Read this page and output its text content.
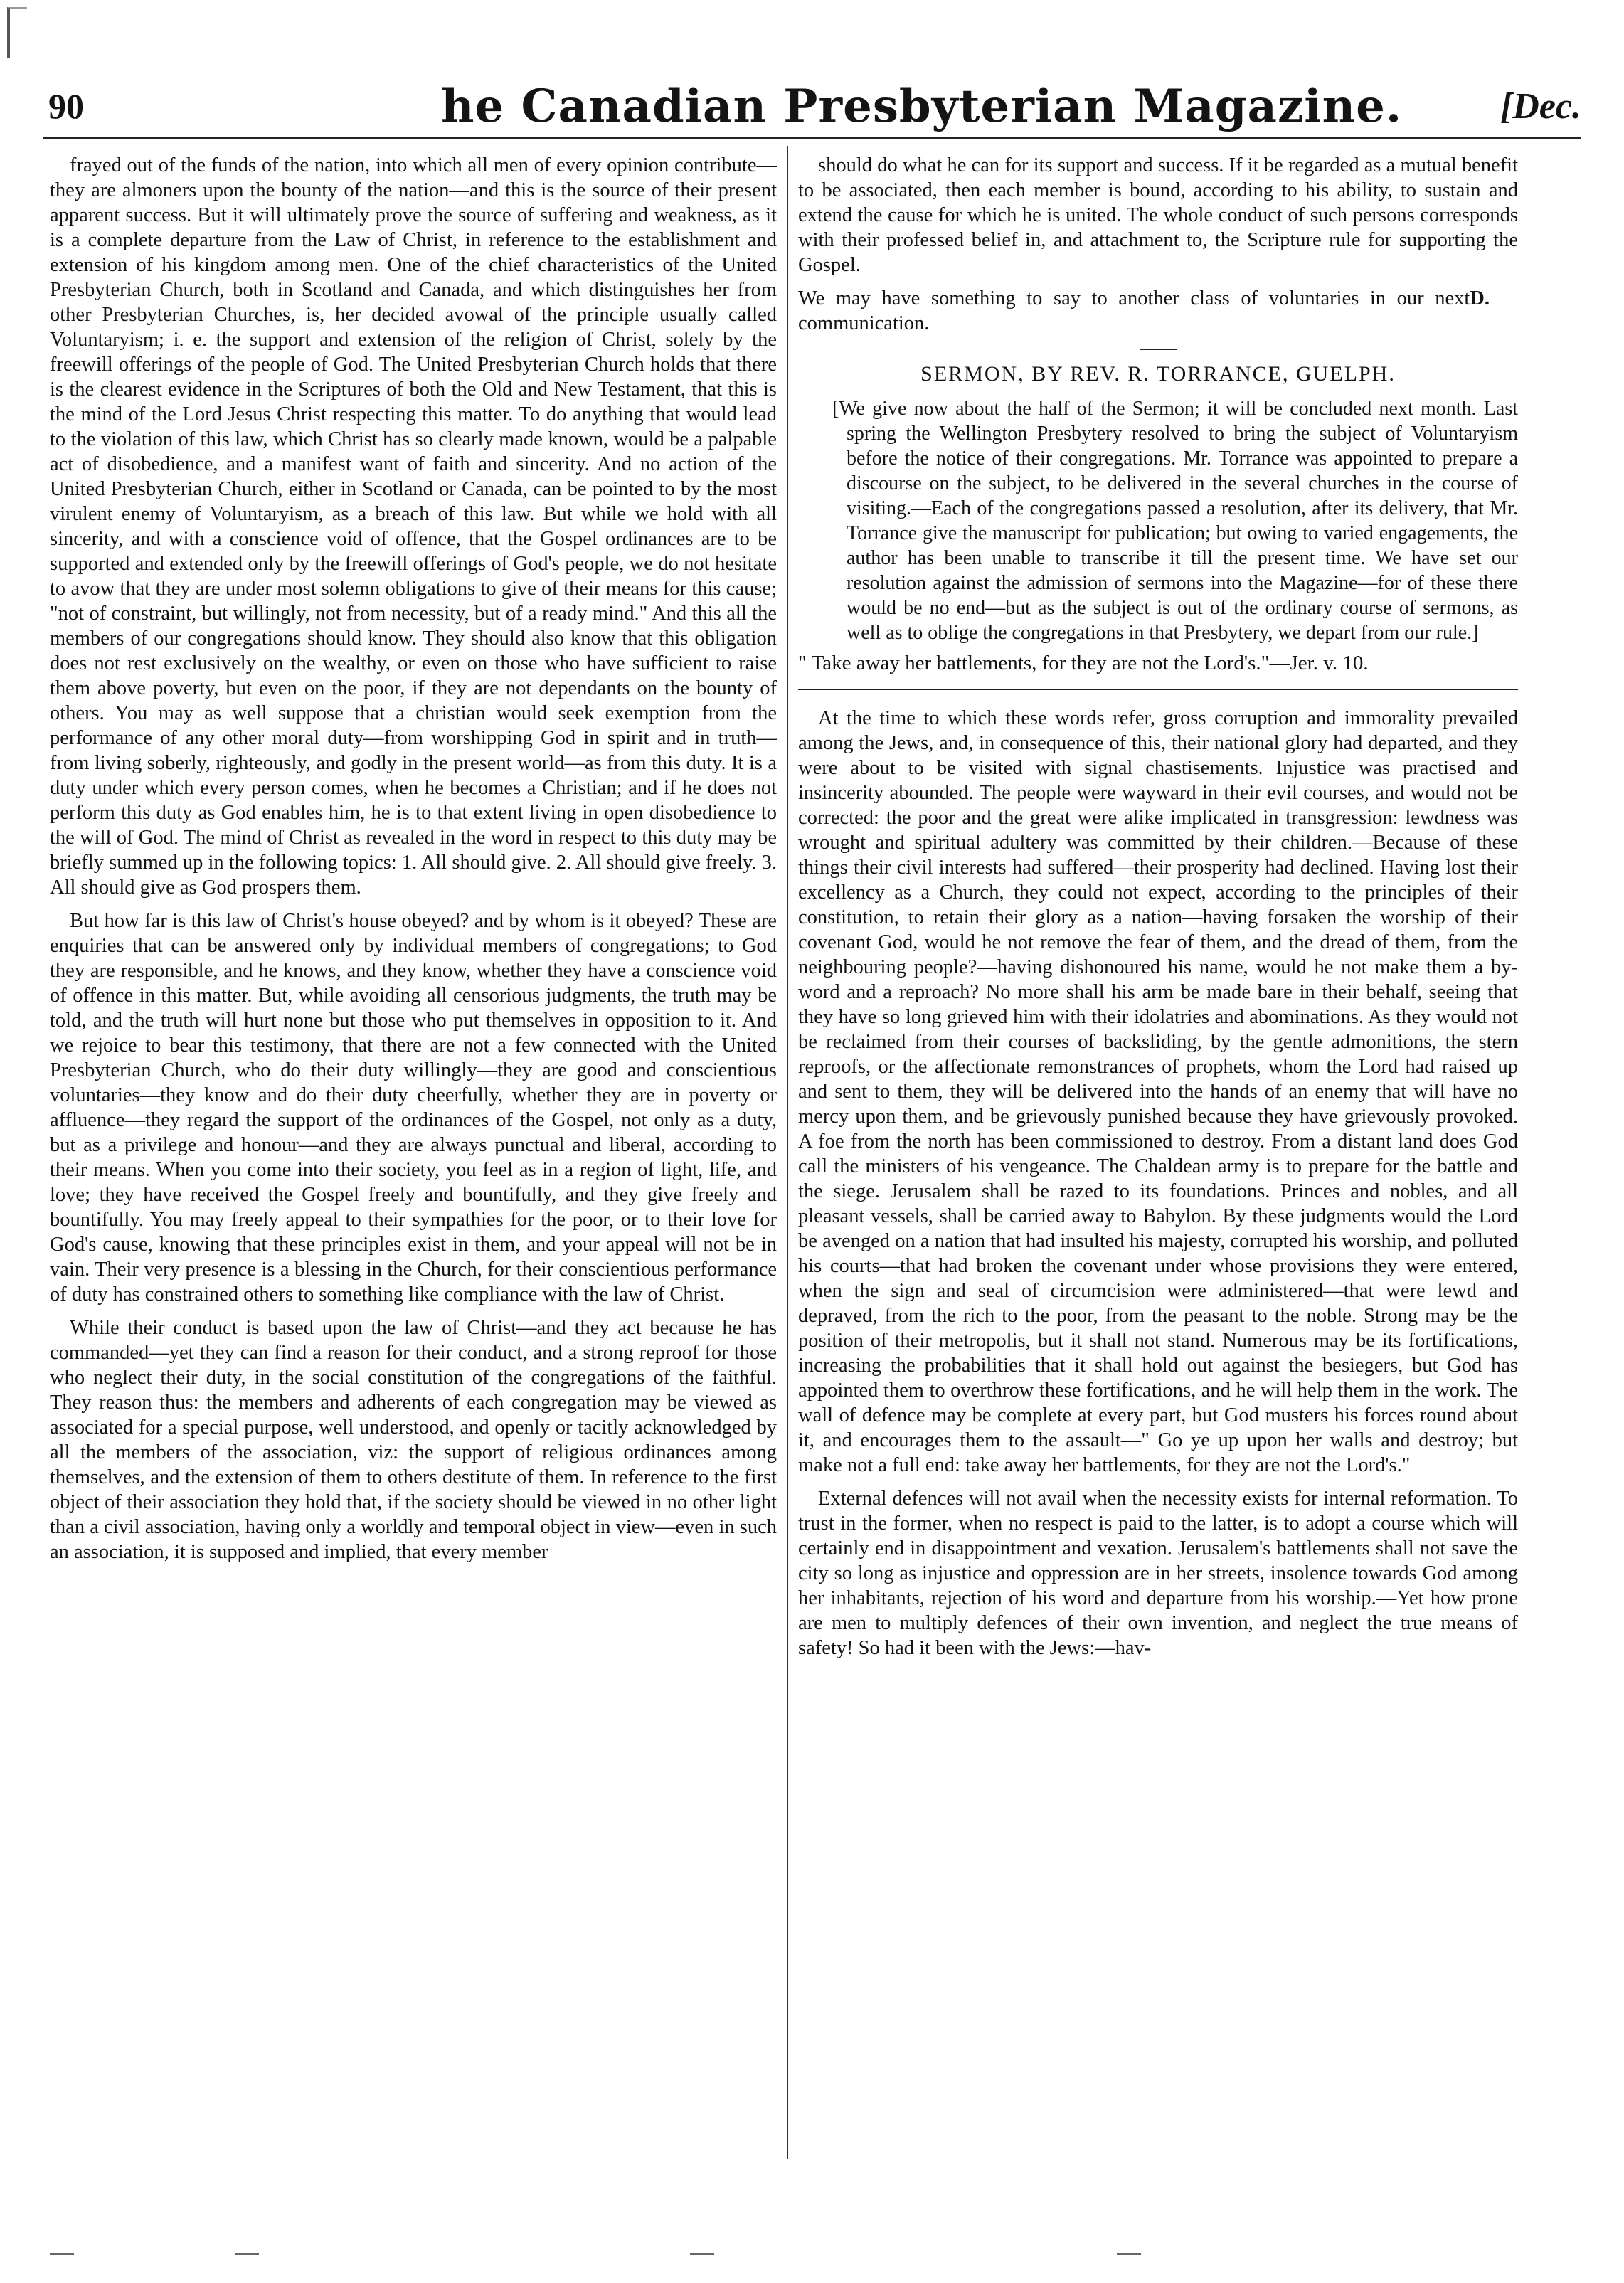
90	he Canadian Presbyterian Magazine.	[Dec.

frayed out of the funds of the nation, into which all men of every opinion contribute—they are almoners upon the bounty of the nation—and this is the source of their present apparent success. But it will ultimately prove the source of suffering and weakness, as it is a complete departure from the Law of Christ, in reference to the establishment and extension of his kingdom among men. One of the chief characteristics of the United Presbyterian Church, both in Scotland and Canada, and which distinguishes her from other Presbyterian Churches, is, her decided avowal of the principle usually called Voluntaryism; i. e. the support and extension of the religion of Christ, solely by the freewill offerings of the people of God. The United Presbyterian Church holds that there is the clearest evidence in the Scriptures of both the Old and New Testament, that this is the mind of the Lord Jesus Christ respecting this matter. To do anything that would lead to the violation of this law, which Christ has so clearly made known, would be a palpable act of disobedience, and a manifest want of faith and sincerity. And no action of the United Presbyterian Church, either in Scotland or Canada, can be pointed to by the most virulent enemy of Voluntaryism, as a breach of this law. But while we hold with all sincerity, and with a conscience void of offence, that the Gospel ordinances are to be supported and extended only by the freewill offerings of God's people, we do not hesitate to avow that they are under most solemn obligations to give of their means for this cause; "not of constraint, but willingly, not from necessity, but of a ready mind." And this all the members of our congregations should know. They should also know that this obligation does not rest exclusively on the wealthy, or even on those who have sufficient to raise them above poverty, but even on the poor, if they are not dependants on the bounty of others. You may as well suppose that a christian would seek exemption from the performance of any other moral duty—from worshipping God in spirit and in truth—from living soberly, righteously, and godly in the present world—as from this duty. It is a duty under which every person comes, when he becomes a Christian; and if he does not perform this duty as God enables him, he is to that extent living in open disobedience to the will of God. The mind of Christ as revealed in the word in respect to this duty may be briefly summed up in the following topics: 1. All should give. 2. All should give freely. 3. All should give as God prospers them.

But how far is this law of Christ's house obeyed? and by whom is it obeyed? These are enquiries that can be answered only by individual members of congregations; to God they are responsible, and he knows, and they know, whether they have a conscience void of offence in this matter. But, while avoiding all censorious judgments, the truth may be told, and the truth will hurt none but those who put themselves in opposition to it. And we rejoice to bear this testimony, that there are not a few connected with the United Presbyterian Church, who do their duty willingly—they are good and conscientious voluntaries—they know and do their duty cheerfully, whether they are in poverty or affluence—they regard the support of the ordinances of the Gospel, not only as a duty, but as a privilege and honour—and they are always punctual and liberal, according to their means. When you come into their society, you feel as in a region of light, life, and love; they have received the Gospel freely and bountifully, and they give freely and bountifully. You may freely appeal to their sympathies for the poor, or to their love for God's cause, knowing that these principles exist in them, and your appeal will not be in vain. Their very presence is a blessing in the Church, for their conscientious performance of duty has constrained others to something like compliance with the law of Christ.

While their conduct is based upon the law of Christ—and they act because he has commanded—yet they can find a reason for their conduct, and a strong reproof for those who neglect their duty, in the social constitution of the congregations of the faithful. They reason thus: the members and adherents of each congregation may be viewed as associated for a special purpose, well understood, and openly or tacitly acknowledged by all the members of the association, viz: the support of religious ordinances among themselves, and the extension of them to others destitute of them. In reference to the first object of their association they hold that, if the society should be viewed in no other light than a civil association, having only a worldly and temporal object in view—even in such an association, it is supposed and implied, that every member

should do what he can for its support and success. If it be regarded as a mutual benefit to be associated, then each member is bound, according to his ability, to sustain and extend the cause for which he is united. The whole conduct of such persons corresponds with their professed belief in, and attachment to, the Scripture rule for supporting the Gospel.

We may have something to say to another class of voluntaries in our next communication.
D.
SERMON, BY REV. R. TORRANCE, GUELPH.
[We give now about the half of the Sermon; it will be concluded next month. Last spring the Wellington Presbytery resolved to bring the subject of Voluntaryism before the notice of their congregations. Mr. Torrance was appointed to prepare a discourse on the subject, to be delivered in the several churches in the course of visiting.—Each of the congregations passed a resolution, after its delivery, that Mr. Torrance give the manuscript for publication; but owing to varied engagements, the author has been unable to transcribe it till the present time. We have set our resolution against the admission of sermons into the Magazine—for of these there would be no end—but as the subject is out of the ordinary course of sermons, as well as to oblige the congregations in that Presbytery, we depart from our rule.]
" Take away her battlements, for they are not the Lord's."—Jer. v. 10.

At the time to which these words refer, gross corruption and immorality prevailed among the Jews, and, in consequence of this, their national glory had departed, and they were about to be visited with signal chastisements. Injustice was practised and insincerity abounded. The people were wayward in their evil courses, and would not be corrected: the poor and the great were alike implicated in transgression: lewdness was wrought and spiritual adultery was committed by their children.—Because of these things their civil interests had suffered—their prosperity had declined. Having lost their excellency as a Church, they could not expect, according to the principles of their constitution, to retain their glory as a nation—having forsaken the worship of their covenant God, would he not remove the fear of them, and the dread of them, from the neighbouring people?—having dishonoured his name, would he not make them a by-word and a reproach? No more shall his arm be made bare in their behalf, seeing that they have so long grieved him with their idolatries and abominations. As they would not be reclaimed from their courses of backsliding, by the gentle admonitions, the stern reproofs, or the affectionate remonstrances of prophets, whom the Lord had raised up and sent to them, they will be delivered into the hands of an enemy that will have no mercy upon them, and be grievously punished because they have grievously provoked. A foe from the north has been commissioned to destroy. From a distant land does God call the ministers of his vengeance. The Chaldean army is to prepare for the battle and the siege. Jerusalem shall be razed to its foundations. Princes and nobles, and all pleasant vessels, shall be carried away to Babylon. By these judgments would the Lord be avenged on a nation that had insulted his majesty, corrupted his worship, and polluted his courts—that had broken the covenant under whose provisions they were entered, when the sign and seal of circumcision were administered—that were lewd and depraved, from the rich to the poor, from the peasant to the noble. Strong may be the position of their metropolis, but it shall not stand. Numerous may be its fortifications, increasing the probabilities that it shall hold out against the besiegers, but God has appointed them to overthrow these fortifications, and he will help them in the work. The wall of defence may be complete at every part, but God musters his forces round about it, and encourages them to the assault—" Go ye up upon her walls and destroy; but make not a full end: take away her battlements, for they are not the Lord's."

External defences will not avail when the necessity exists for internal reformation. To trust in the former, when no respect is paid to the latter, is to adopt a course which will certainly end in disappointment and vexation. Jerusalem's battlements shall not save the city so long as injustice and oppression are in her streets, insolence towards God among her inhabitants, rejection of his word and departure from his worship.—Yet how prone are men to multiply defences of their own invention, and neglect the true means of safety! So had it been with the Jews:—hav-
